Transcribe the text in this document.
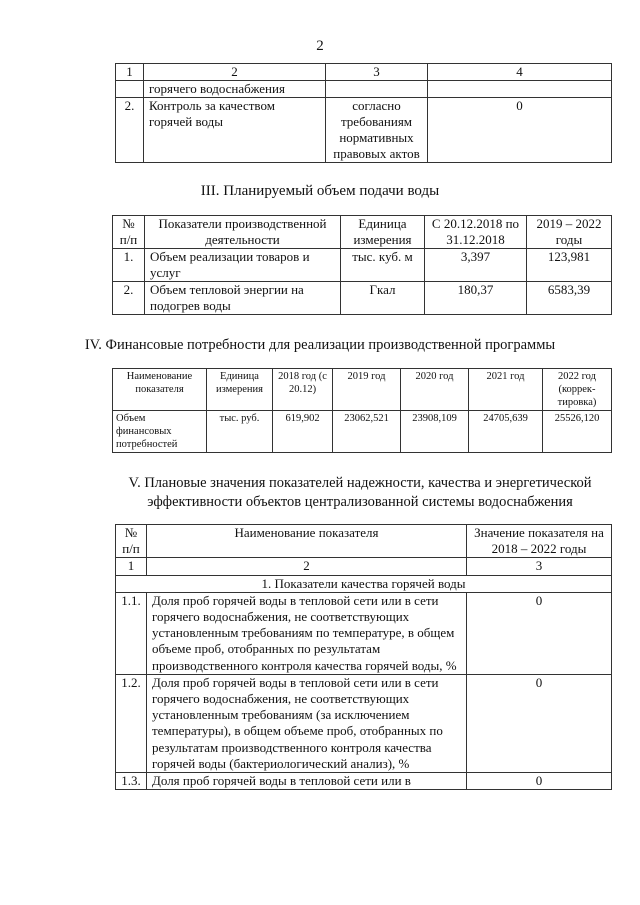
2
1	2	3	4
	горячего водоснабжения		
2.	Контроль за качеством горячей воды	согласно требованиям нормативных правовых актов	0
III. Планируемый объем подачи воды
№ п/п	Показатели производственной деятельности	Единица измерения	С 20.12.2018 по 31.12.2018	2019 – 2022 годы
1.	Объем реализации товаров и услуг	тыс. куб. м	3,397	123,981
2.	Объем тепловой энергии на подогрев воды	Гкал	180,37	6583,39
IV. Финансовые потребности для реализации производственной программы
Наименование показателя	Единица измерения	2018 год (с 20.12)	2019 год	2020 год	2021 год	2022 год (коррек-тировка)
Объем финансовых потребностей	тыс. руб.	619,902	23062,521	23908,109	24705,639	25526,120
V. Плановые значения показателей надежности, качества и энергетической эффективности объектов централизованной системы водоснабжения
№ п/п	Наименование показателя	Значение показателя на 2018 – 2022 годы
1	2	3
1. Показатели качества горячей воды		
1.1.	Доля проб горячей воды в тепловой сети или в сети горячего водоснабжения, не соответствующих установленным требованиям по температуре, в общем объеме проб, отобранных по результатам производственного контроля качества горячей воды, %	0
1.2.	Доля проб горячей воды в тепловой сети или в сети горячего водоснабжения, не соответствующих установленным требованиям (за исключением температуры), в общем объеме проб, отобранных по результатам производственного контроля качества горячей воды (бактериологический анализ), %	0
1.3.	Доля проб горячей воды в тепловой сети или в	0
